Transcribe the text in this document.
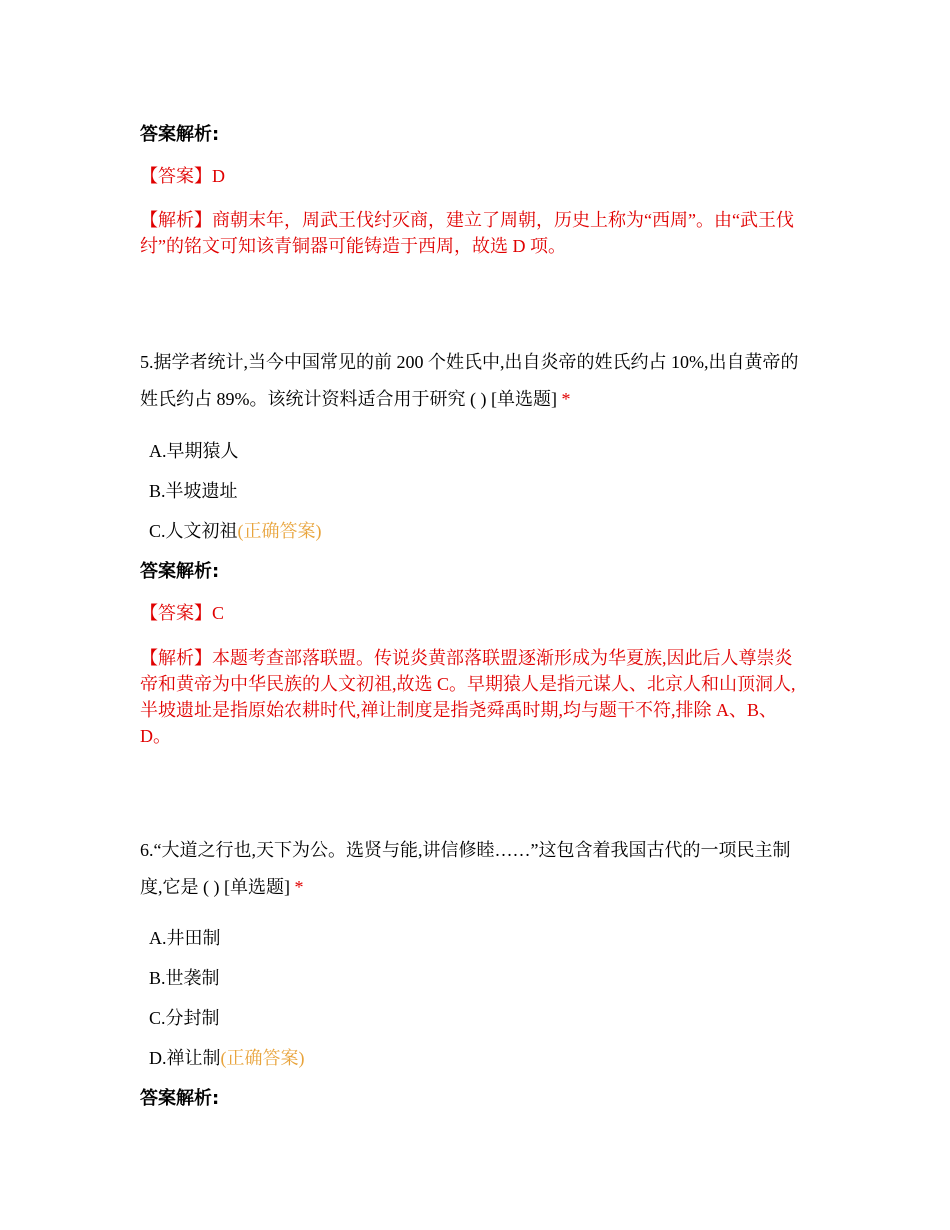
答案解析:
【答案】D
【解析】商朝末年，周武王伐纣灭商，建立了周朝，历史上称为“西周”。由“武王伐纣”的铭文可知该青铜器可能铸造于西周，故选 D 项。
5.据学者统计,当今中国常见的前 200 个姓氏中,出自炎帝的姓氏约占 10%,出自黄帝的姓氏约占 89%。该统计资料适合用于研究 ( ) [单选题] *
A.早期猿人
B.半坡遗址
C.人文初祖(正确答案)
答案解析:
【答案】C
【解析】本题考查部落联盟。传说炎黄部落联盟逐渐形成为华夏族,因此后人尊崇炎帝和黄帝为中华民族的人文初祖,故选 C。早期猿人是指元谋人、北京人和山顶洞人,半坡遗址是指原始农耕时代,禅让制度是指尧舜禹时期,均与题干不符,排除 A、B、D。
6.“大道之行也,天下为公。选贤与能,讲信修睦……”这包含着我国古代的一项民主制度,它是 ( ) [单选题] *
A.井田制
B.世袭制
C.分封制
D.禅让制(正确答案)
答案解析:
